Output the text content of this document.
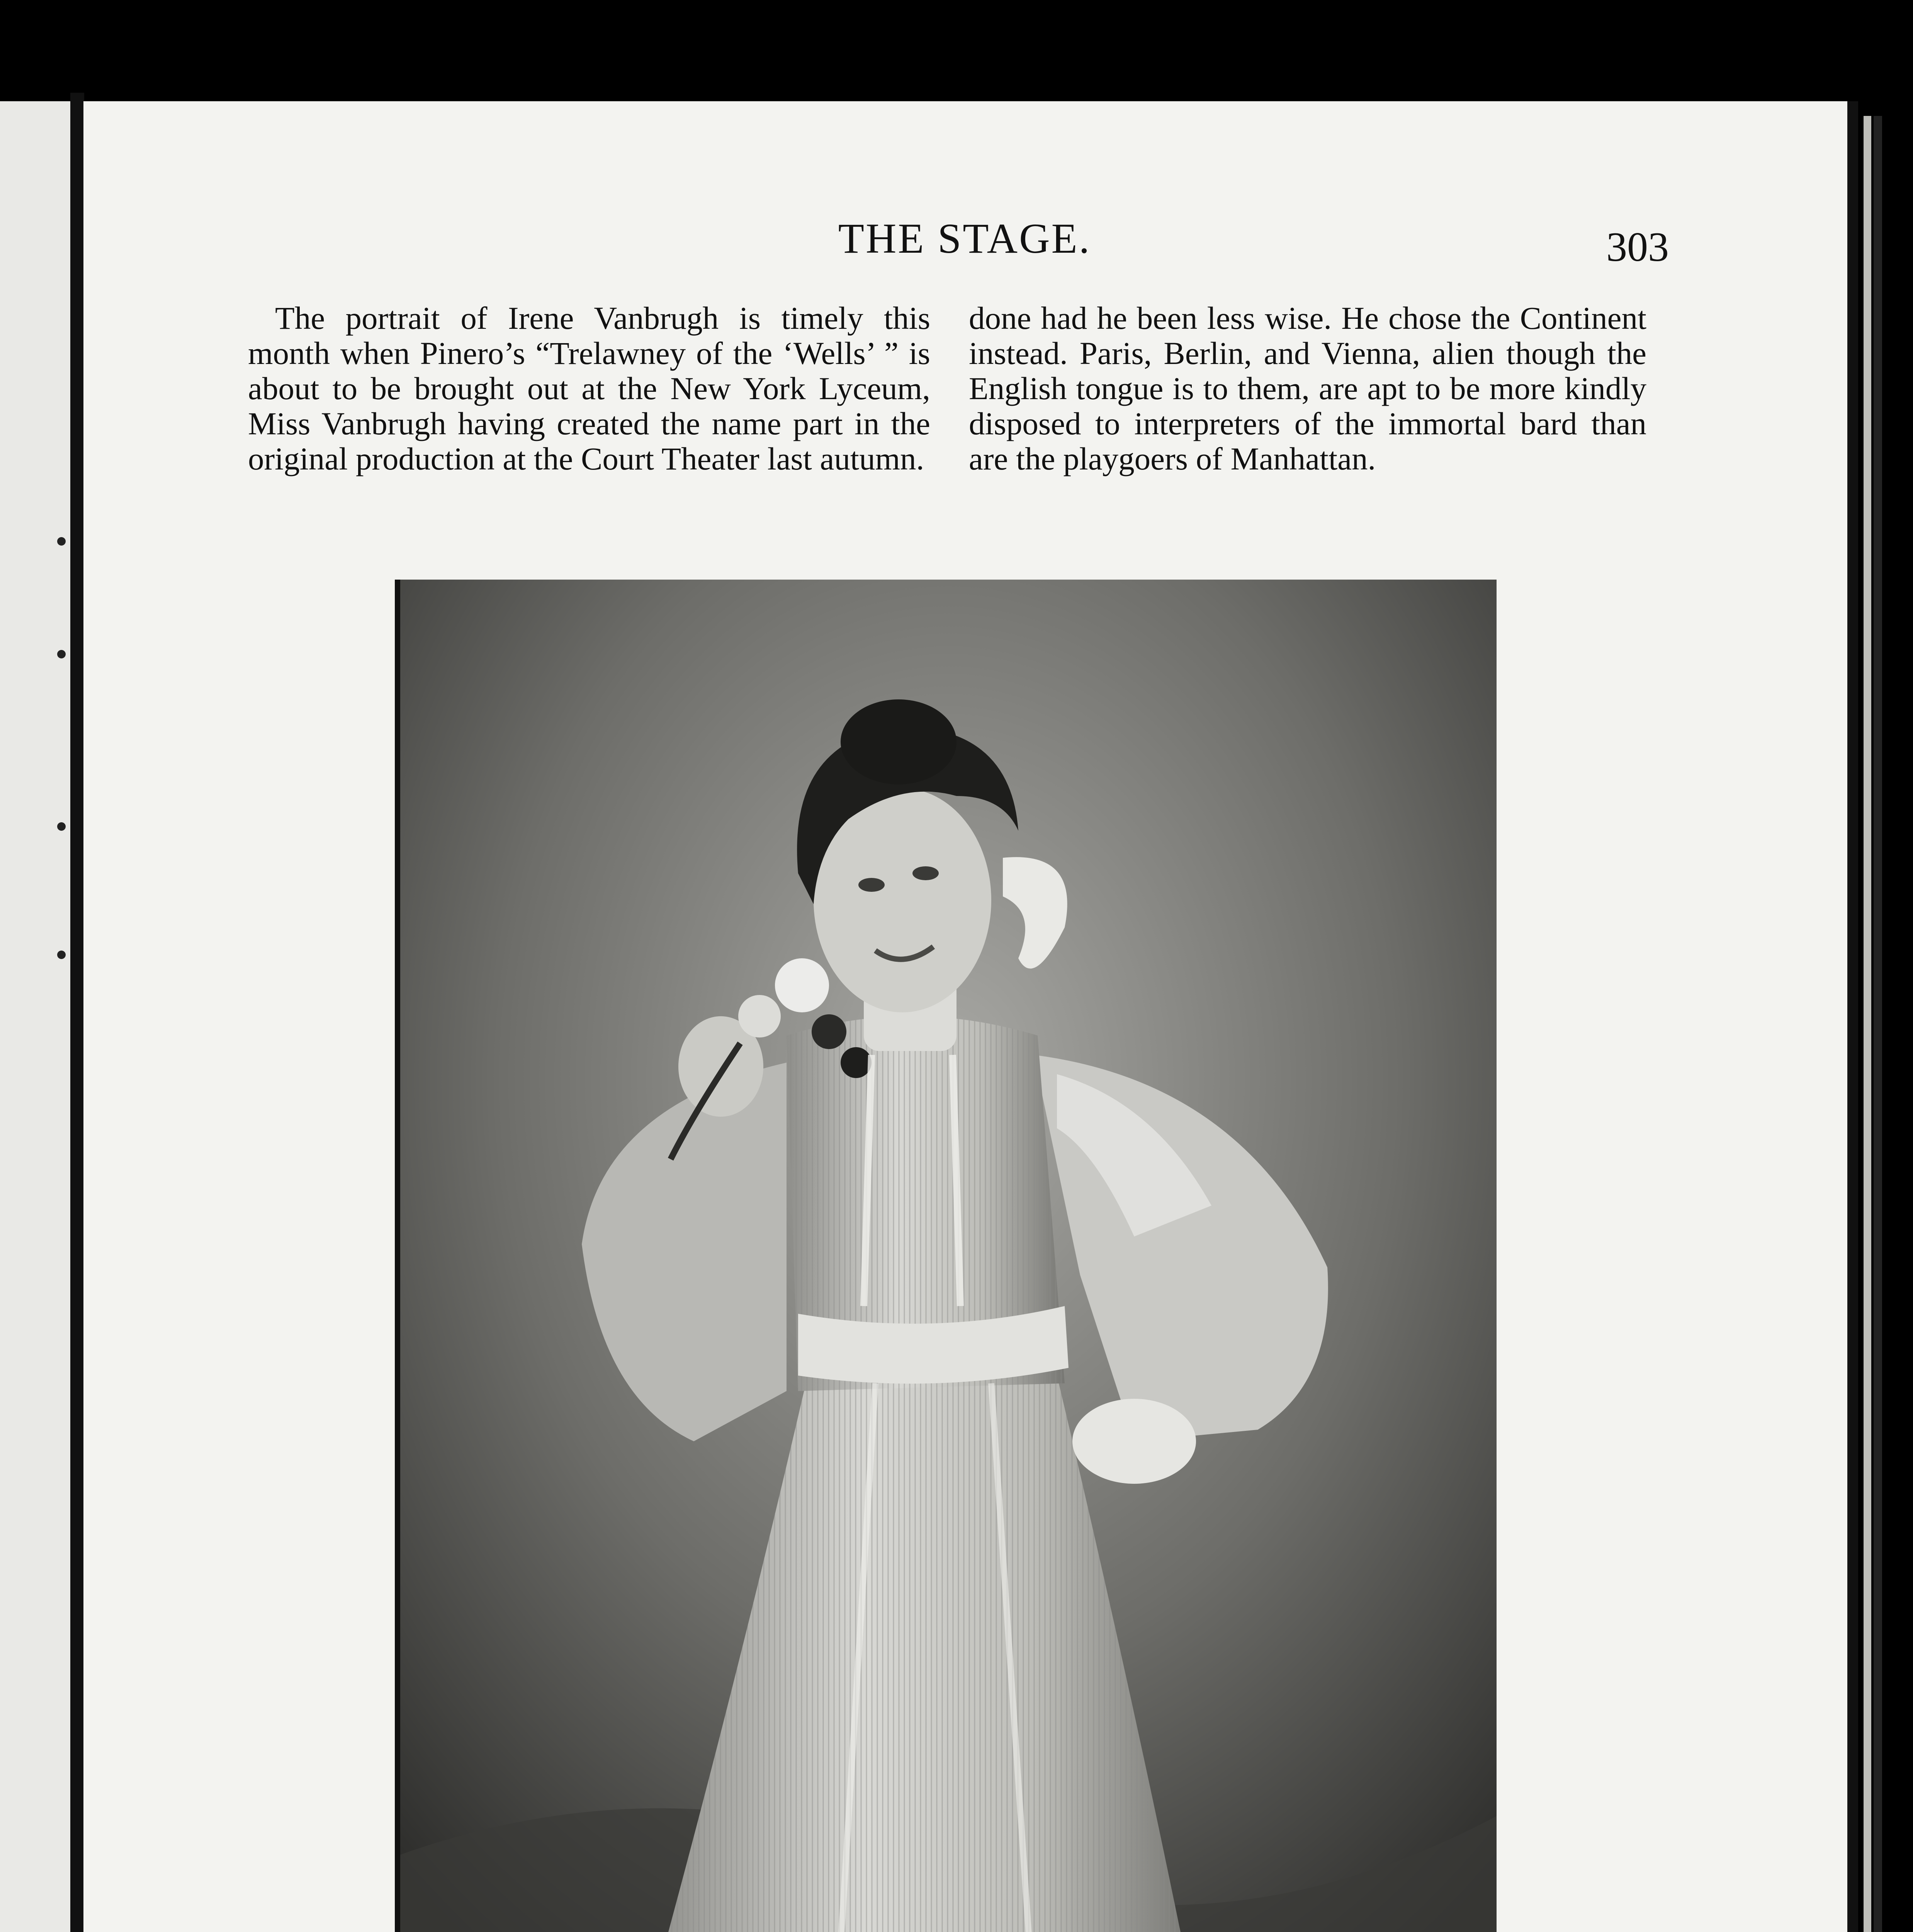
THE STAGE.	303

The portrait of Irene Vanbrugh is timely this month when Pinero’s “Trelawney of the ‘Wells’ ” is about to be brought out at the New York Lyceum, Miss Vanbrugh having created the name part in the original production at the Court Theater last autumn.

done had he been less wise. He chose the Continent instead. Paris, Berlin, and Vienna, alien though the English tongue is to them, are apt to be more kindly disposed to interpreters of the immortal bard than are the playgoers of Manhattan.
